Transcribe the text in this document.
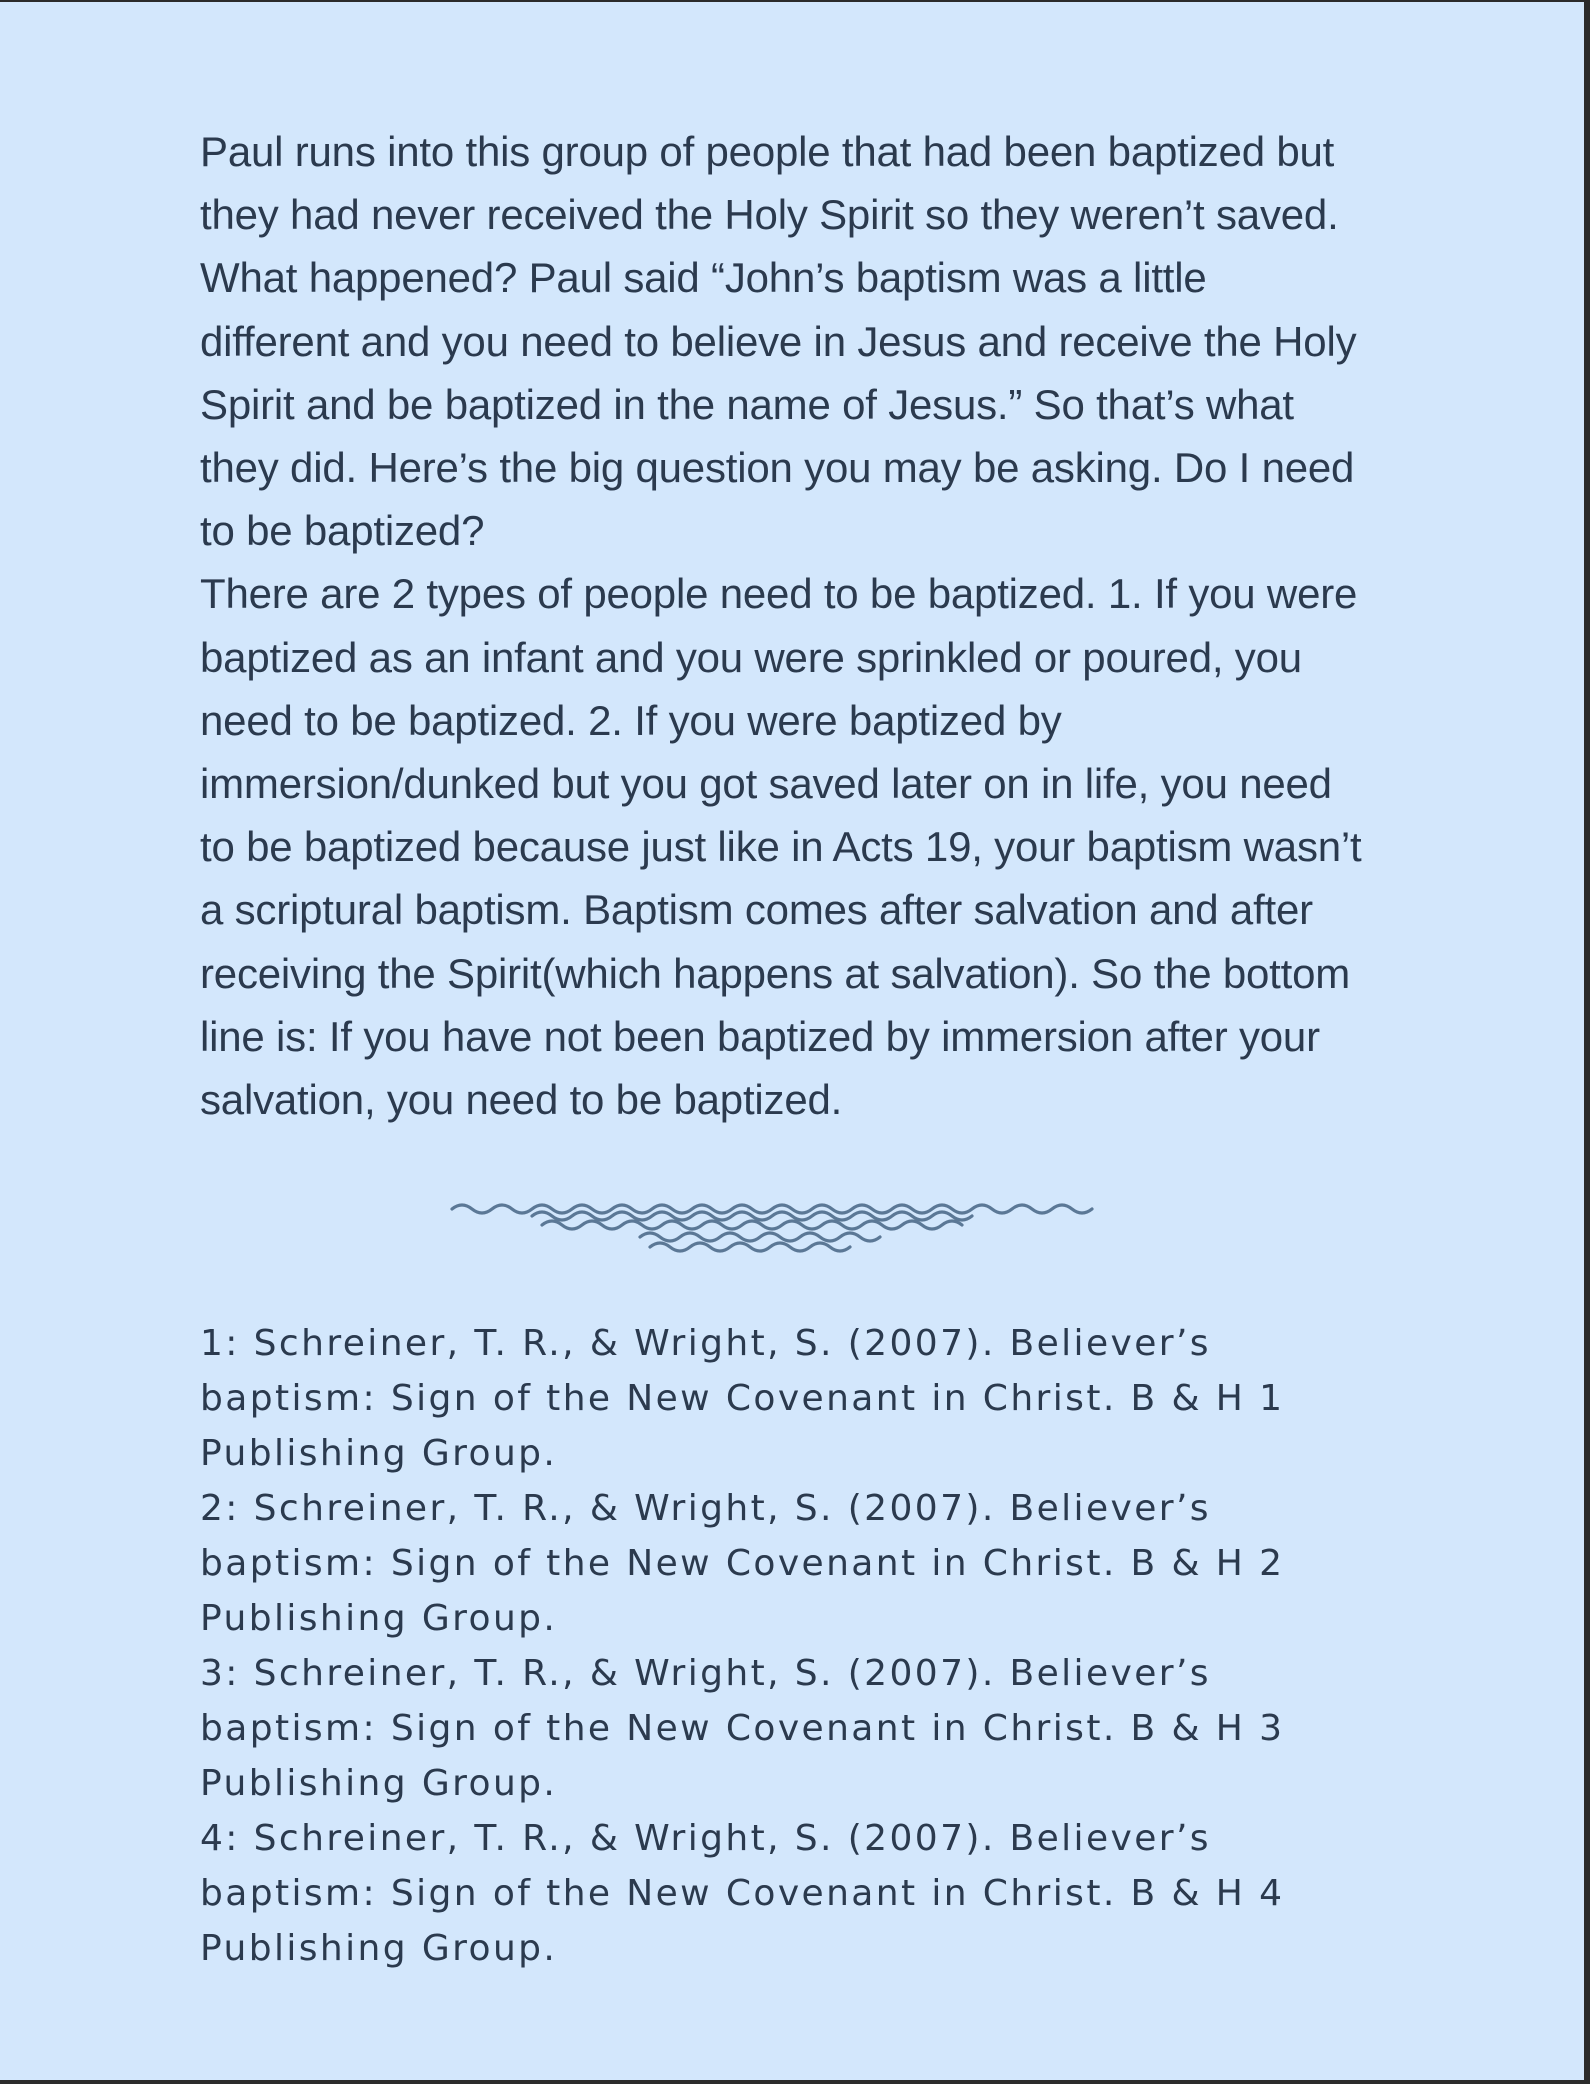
Paul runs into this group of people that had been baptized but they had never received the Holy Spirit so they weren’t saved. What happened? Paul said “John’s baptism was a little different and you need to believe in Jesus and receive the Holy Spirit and be baptized in the name of Jesus.” So that’s what they did. Here’s the big question you may be asking. Do I need to be baptized?

There are 2 types of people need to be baptized. 1. If you were baptized as an infant and you were sprinkled or poured, you need to be baptized. 2. If you were baptized by immersion/dunked but you got saved later on in life, you need to be baptized because just like in Acts 19, your baptism wasn’t a scriptural baptism. Baptism comes after salvation and after receiving the Spirit(which happens at salvation). So the bottom line is: If you have not been baptized by immersion after your salvation, you need to be baptized.

1: Schreiner, T. R., & Wright, S. (2007). Believer’s baptism: Sign of the New Covenant in Christ. B & H 1 Publishing Group.

2: Schreiner, T. R., & Wright, S. (2007). Believer’s baptism: Sign of the New Covenant in Christ. B & H 2 Publishing Group.

3: Schreiner, T. R., & Wright, S. (2007). Believer’s baptism: Sign of the New Covenant in Christ. B & H 3 Publishing Group.

4: Schreiner, T. R., & Wright, S. (2007). Believer’s baptism: Sign of the New Covenant in Christ. B & H 4 Publishing Group.
